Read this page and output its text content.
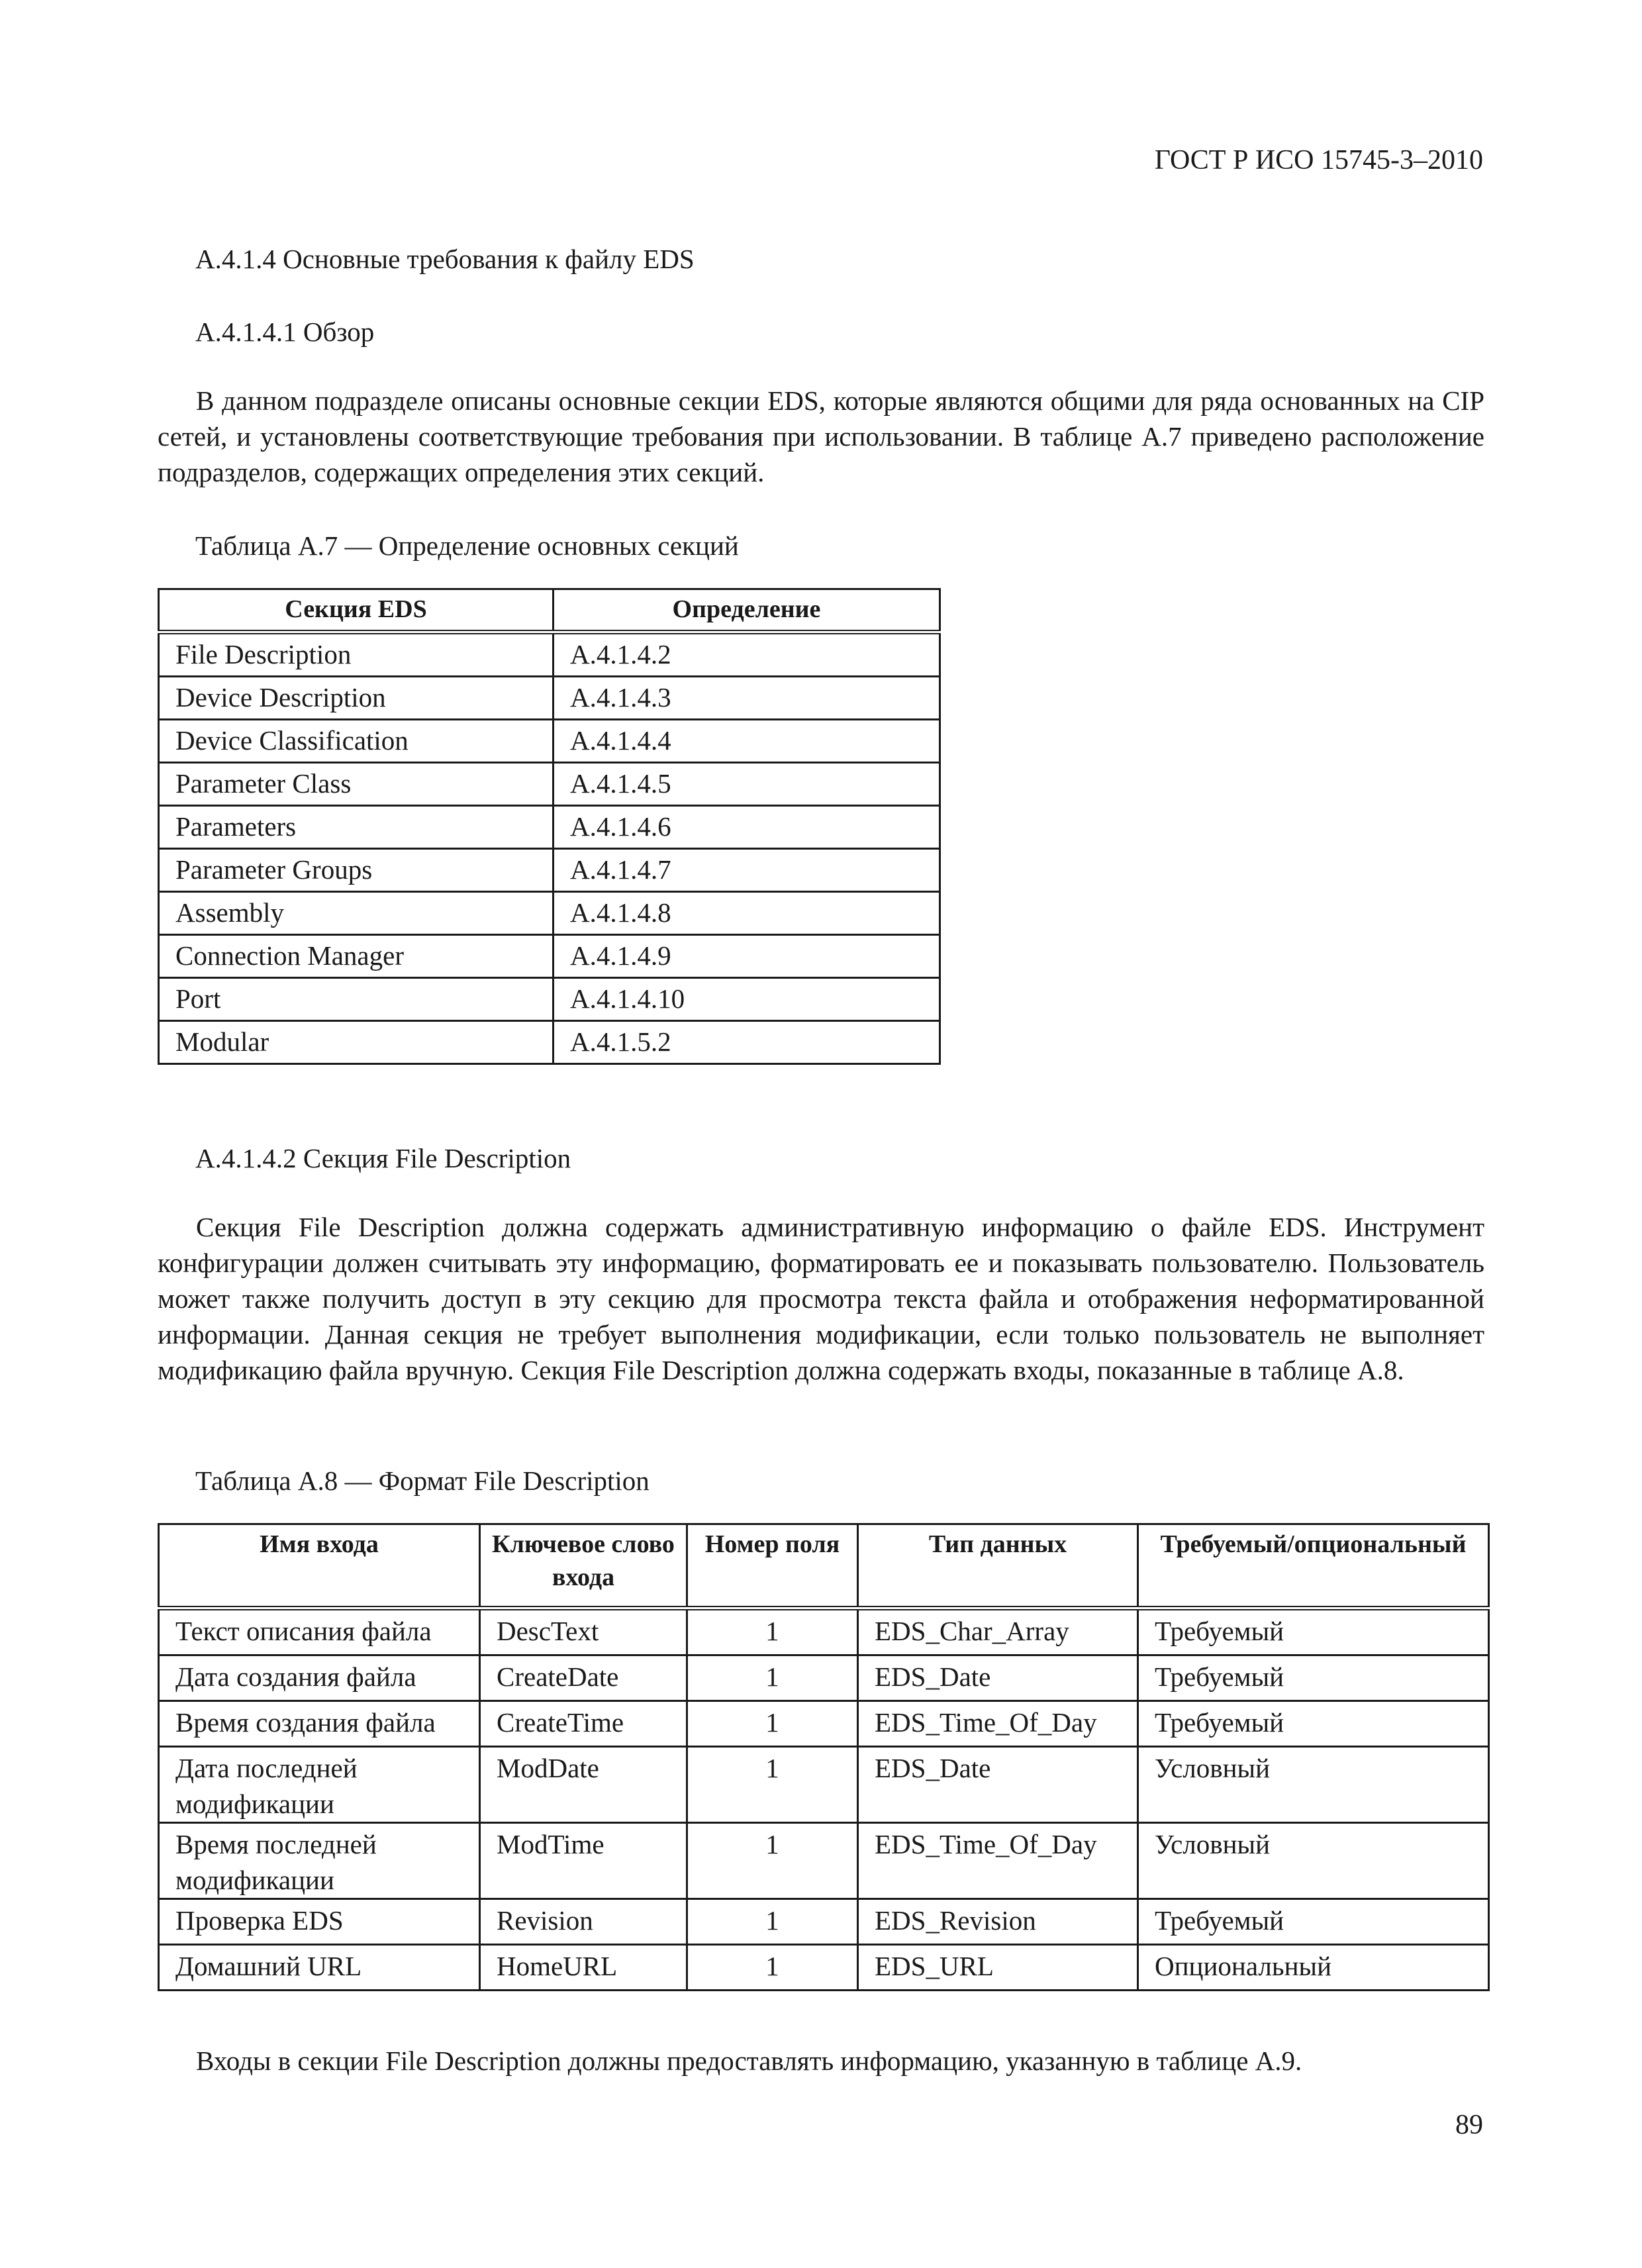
ГОСТ Р ИСО 15745-3–2010
А.4.1.4 Основные требования к файлу EDS
А.4.1.4.1 Обзор

В данном подразделе описаны основные секции EDS, которые являются общими для ряда основанных на CIP сетей, и установлены соответствующие требования при использовании. В таблице А.7 приведено расположение подразделов, содержащих определения этих секций.

Таблица А.7 — Определение основных секций
Секция EDS	Определение
File Description	А.4.1.4.2
Device Description	А.4.1.4.3
Device Classification	А.4.1.4.4
Parameter Class	А.4.1.4.5
Parameters	А.4.1.4.6
Parameter Groups	А.4.1.4.7
Assembly	А.4.1.4.8
Connection Manager	А.4.1.4.9
Port	А.4.1.4.10
Modular	А.4.1.5.2
А.4.1.4.2 Секция File Description

Секция File Description должна содержать административную информацию о файле EDS. Инструмент конфигурации должен считывать эту информацию, форматировать ее и показывать пользователю. Пользователь может также получить доступ в эту секцию для просмотра текста файла и отображения неформатированной информации. Данная секция не требует выполнения модификации, если только пользователь не выполняет модификацию файла вручную. Секция File Description должна содержать входы, показанные в таблице А.8.

Таблица А.8 — Формат File Description
Имя входа	Ключевое слово входа	Номер поля	Тип данных	Требуемый/опциональный
Текст описания файла	DescText	1	EDS_Char_Array	Требуемый
Дата создания файла	CreateDate	1	EDS_Date	Требуемый
Время создания файла	CreateTime	1	EDS_Time_Of_Day	Требуемый
Дата последней модификации	ModDate	1	EDS_Date	Условный
Время последней модификации	ModTime	1	EDS_Time_Of_Day	Условный
Проверка EDS	Revision	1	EDS_Revision	Требуемый
Домашний URL	HomeURL	1	EDS_URL	Опциональный

Входы в секции File Description должны предоставлять информацию, указанную в таблице А.9.

89
